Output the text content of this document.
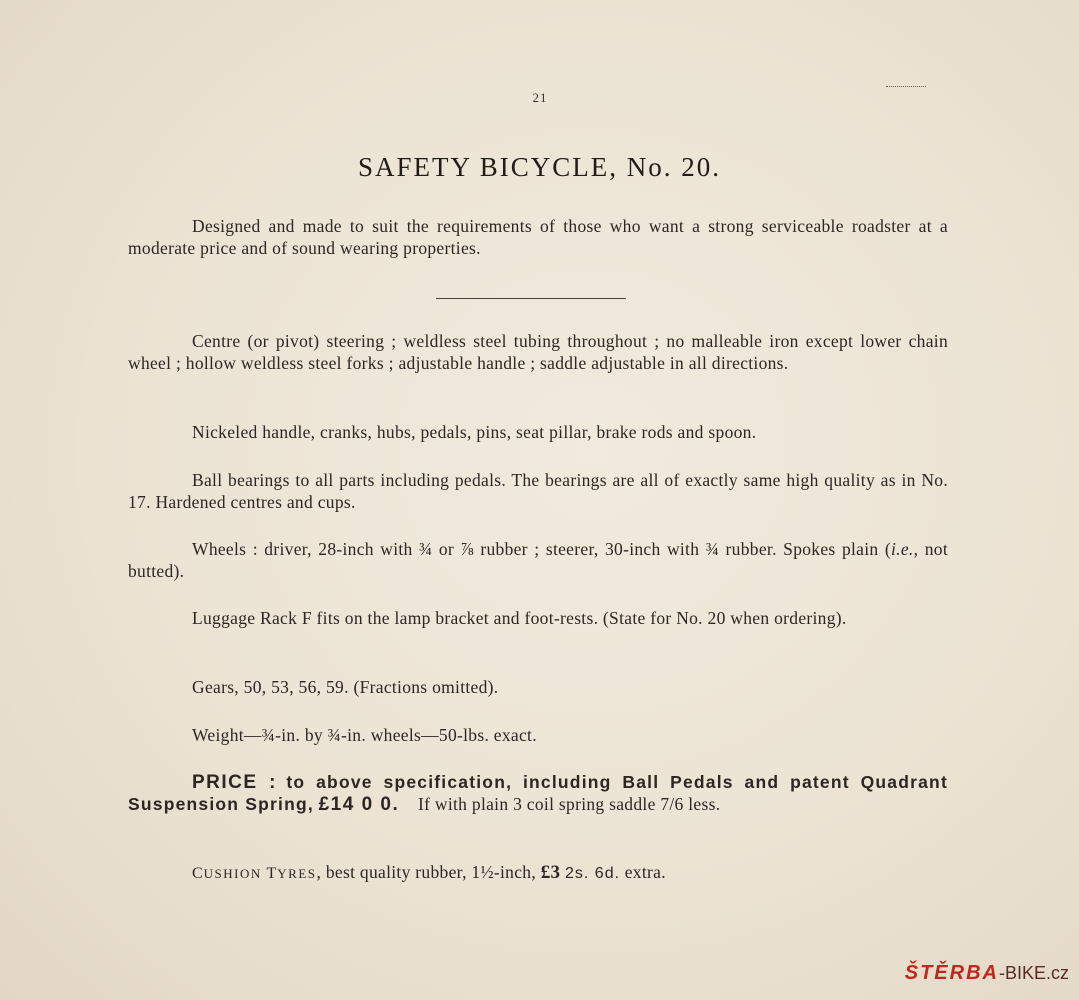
21
SAFETY BICYCLE, No. 20.
Designed and made to suit the requirements of those who want a strong serviceable roadster at a moderate price and of sound wearing properties.
Centre (or pivot) steering ; weldless steel tubing throughout ; no malleable iron except lower chain wheel ; hollow weldless steel forks ; adjustable handle ; saddle adjustable in all directions.
Nickeled handle, cranks, hubs, pedals, pins, seat pillar, brake rods and spoon.
Ball bearings to all parts including pedals. The bearings are all of exactly same high quality as in No. 17. Hardened centres and cups.
Wheels : driver, 28-inch with ¾ or ⅞ rubber ; steerer, 30-inch with ¾ rubber. Spokes plain (i.e., not butted).
Luggage Rack F fits on the lamp bracket and foot-rests. (State for No. 20 when ordering).
Gears, 50, 53, 56, 59. (Fractions omitted).
Weight—¾-in. by ¾-in. wheels—50-lbs. exact.
PRICE : to above specification, including Ball Pedals and patent Quadrant Suspension Spring, £14 0 0. If with plain 3 coil spring saddle 7/6 less.
CUSHION TYRES, best quality rubber, 1½-inch, £3 2s. 6d. extra.
ŠTĚRBA-BIKE.cz
